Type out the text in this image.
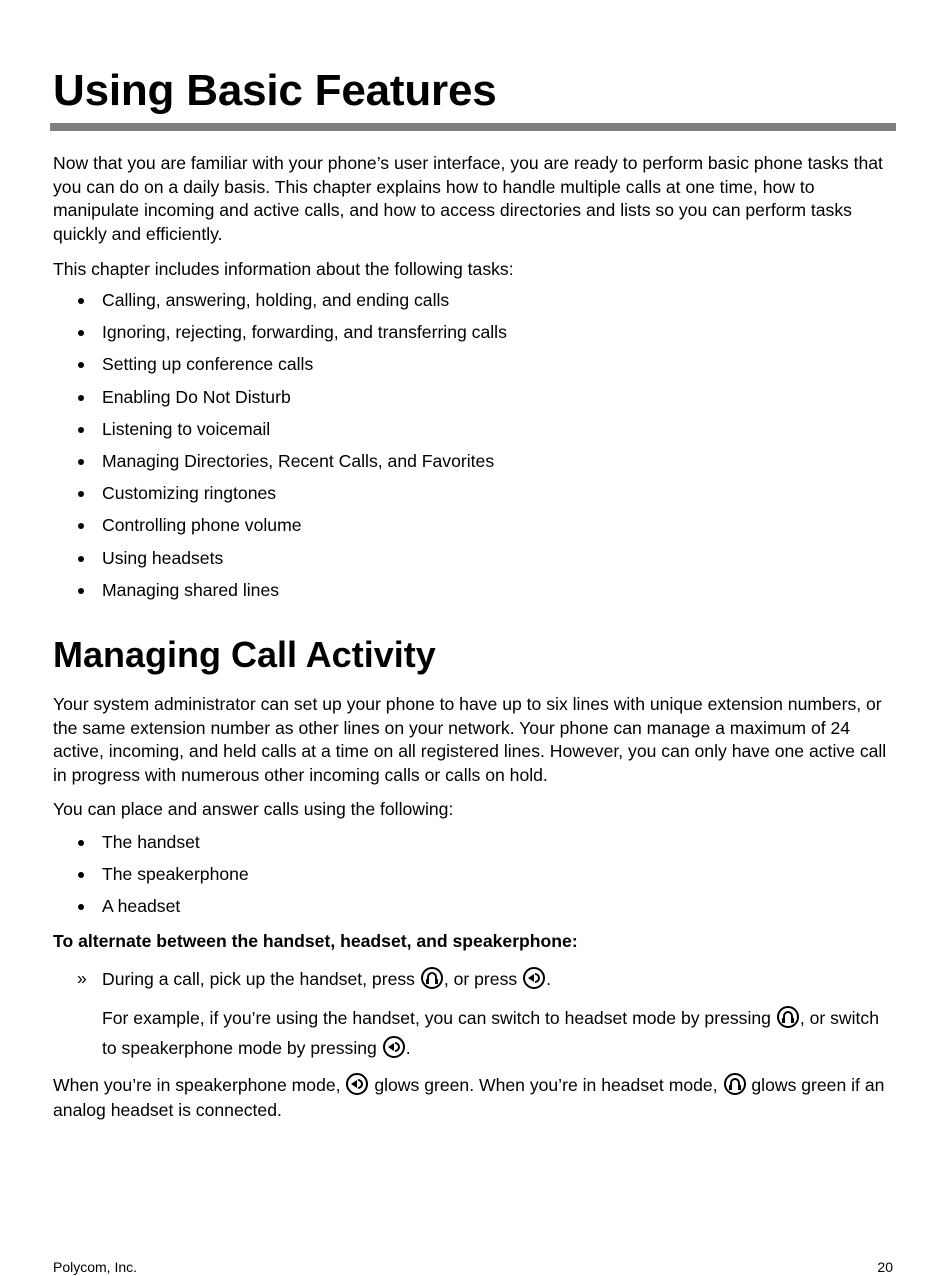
Using Basic Features

Now that you are familiar with your phone’s user interface, you are ready to perform basic phone tasks that you can do on a daily basis. This chapter explains how to handle multiple calls at one time, how to manipulate incoming and active calls, and how to access directories and lists so you can perform tasks quickly and efficiently.

This chapter includes information about the following tasks:

Calling, answering, holding, and ending calls
Ignoring, rejecting, forwarding, and transferring calls
Setting up conference calls
Enabling Do Not Disturb
Listening to voicemail
Managing Directories, Recent Calls, and Favorites
Customizing ringtones
Controlling phone volume
Using headsets
Managing shared lines
Managing Call Activity

Your system administrator can set up your phone to have up to six lines with unique extension numbers, or the same extension number as other lines on your network. Your phone can manage a maximum of 24 active, incoming, and held calls at a time on all registered lines. However, you can only have one active call in progress with numerous other incoming calls or calls on hold.

You can place and answer calls using the following:

The handset
The speakerphone
A headset

To alternate between the handset, headset, and speakerphone:

» During a call, pick up the handset, press , or press .

For example, if you’re using the handset, you can switch to headset mode by pressing , or switch to speakerphone mode by pressing .

When you’re in speakerphone mode,  glows green. When you’re in headset mode,  glows green if an analog headset is connected.

Polycom, Inc.	20
